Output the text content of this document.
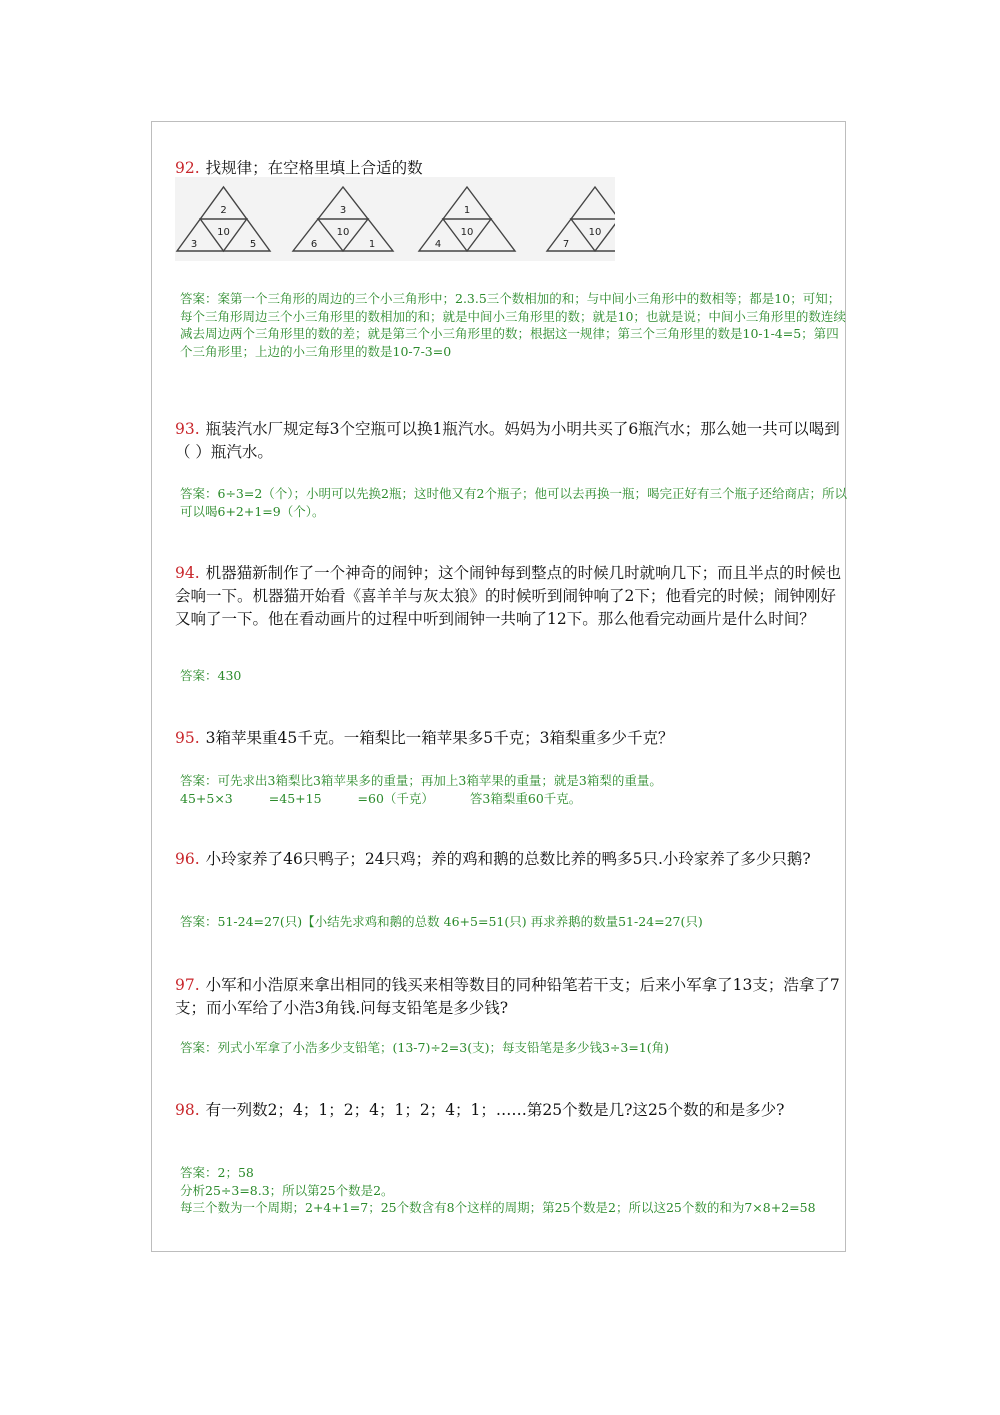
92. 找规律；在空格里填上合适的数
2
10
3	5
3
10
6	1
1
10
4
10
7

答案：案第一个三角形的周边的三个小三角形中；2.3.5三个数相加的和；与中间小三角形中的数相等；都是10；可知；每个三角形周边三个小三角形里的数相加的和；就是中间小三角形里的数；就是10；也就是说；中间小三角形里的数连续减去周边两个三角形里的数的差；就是第三个小三角形里的数；根据这一规律；第三个三角形里的数是10-1-4=5；第四个三角形里；上边的小三角形里的数是10-7-3=0

93. 瓶装汽水厂规定每3个空瓶可以换1瓶汽水。妈妈为小明共买了6瓶汽水；那么她一共可以喝到（ ）瓶汽水。

答案：6÷3=2（个）；小明可以先换2瓶；这时他又有2个瓶子；他可以去再换一瓶；喝完正好有三个瓶子还给商店；所以可以喝6+2+1=9（个）。

94. 机器猫新制作了一个神奇的闹钟；这个闹钟每到整点的时候几时就响几下；而且半点的时候也会响一下。机器猫开始看《喜羊羊与灰太狼》的时候听到闹钟响了2下；他看完的时候；闹钟刚好又响了一下。他在看动画片的过程中听到闹钟一共响了12下。那么他看完动画片是什么时间？

答案：430

95. 3箱苹果重45千克。一箱梨比一箱苹果多5千克；3箱梨重多少千克？

答案：可先求出3箱梨比3箱苹果多的重量；再加上3箱苹果的重量；就是3箱梨的重量。

45+5×3	=45+15	=60（千克）	答3箱梨重60千克。

96. 小玲家养了46只鸭子；24只鸡；养的鸡和鹅的总数比养的鸭多5只.小玲家养了多少只鹅?

答案：51-24=27(只)【小结先求鸡和鹅的总数 46+5=51(只) 再求养鹅的数量51-24=27(只)

97. 小军和小浩原来拿出相同的钱买来相等数目的同种铅笔若干支；后来小军拿了13支；浩拿了7支；而小军给了小浩3角钱.问每支铅笔是多少钱?

答案：列式小军拿了小浩多少支铅笔；(13-7)÷2=3(支)；每支铅笔是多少钱3÷3=1(角)

98. 有一列数2；4；1；2；4；1；2；4；1；……第25个数是几?这25个数的和是多少?

答案：2；58

分析25÷3=8.3；所以第25个数是2。

每三个数为一个周期；2+4+1=7；25个数含有8个这样的周期；第25个数是2；所以这25个数的和为7×8+2=58
